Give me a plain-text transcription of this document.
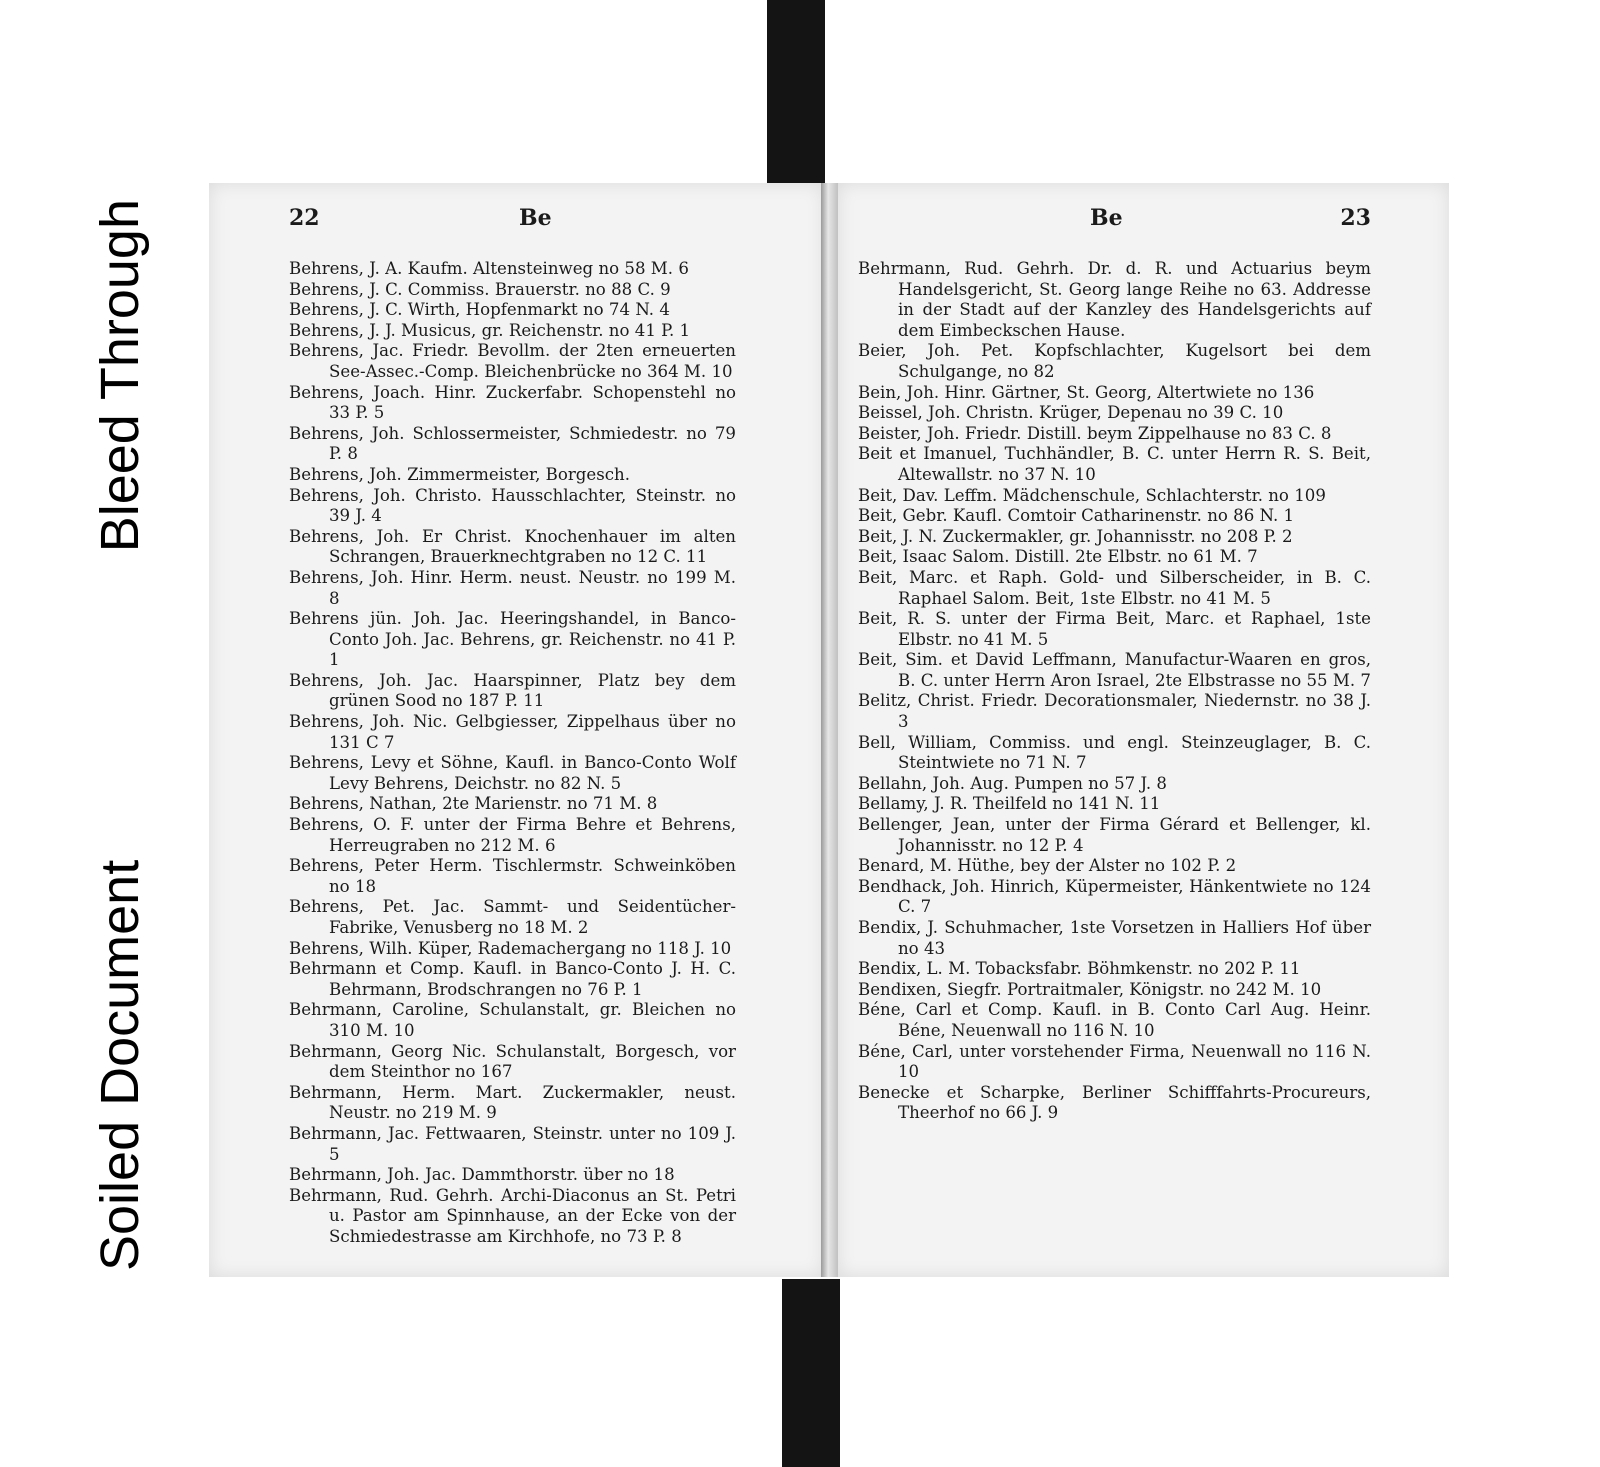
Soiled Document
Bleed Through	22	Be
Behrens, J. A. Kaufm. Altensteinweg no 58 M. 6
Behrens, J. C. Commiss. Brauerstr. no 88 C. 9
Behrens, J. C. Wirth, Hopfenmarkt no 74 N. 4
Behrens, J. J. Musicus, gr. Reichenstr. no 41 P. 1
Behrens, Jac. Friedr. Bevollm. der 2ten erneuerten See-Assec.-Comp. Bleichenbrücke no 364 M. 10
Behrens, Joach. Hinr. Zuckerfabr. Schopenstehl no 33 P. 5
Behrens, Joh. Schlossermeister, Schmiedestr. no 79 P. 8
Behrens, Joh. Zimmermeister, Borgesch.
Behrens, Joh. Christo. Hausschlachter, Steinstr. no 39 J. 4
Behrens, Joh. Er Christ. Knochenhauer im alten Schrangen, Brauerknechtgraben no 12 C. 11
Behrens, Joh. Hinr. Herm. neust. Neustr. no 199 M. 8
Behrens jün. Joh. Jac. Heeringshandel, in Banco-Conto Joh. Jac. Behrens, gr. Reichenstr. no 41 P. 1
Behrens, Joh. Jac. Haarspinner, Platz bey dem grünen Sood no 187 P. 11
Behrens, Joh. Nic. Gelbgiesser, Zippelhaus über no 131 C 7
Behrens, Levy et Söhne, Kaufl. in Banco-Conto Wolf Levy Behrens, Deichstr. no 82 N. 5
Behrens, Nathan, 2te Marienstr. no 71 M. 8
Behrens, O. F. unter der Firma Behre et Behrens, Herreugraben no 212 M. 6
Behrens, Peter Herm. Tischlermstr. Schweinköben no 18
Behrens, Pet. Jac. Sammt- und Seidentücher-Fabrike, Venusberg no 18 M. 2
Behrens, Wilh. Küper, Rademachergang no 118 J. 10
Behrmann et Comp. Kaufl. in Banco-Conto J. H. C. Behrmann, Brodschrangen no 76 P. 1
Behrmann, Caroline, Schulanstalt, gr. Bleichen no 310 M. 10
Behrmann, Georg Nic. Schulanstalt, Borgesch, vor dem Steinthor no 167
Behrmann, Herm. Mart. Zuckermakler, neust. Neustr. no 219 M. 9
Behrmann, Jac. Fettwaaren, Steinstr. unter no 109 J. 5
Behrmann, Joh. Jac. Dammthorstr. über no 18
Behrmann, Rud. Gehrh. Archi-Diaconus an St. Petri u. Pastor am Spinnhause, an der Ecke von der Schmiedestrasse am Kirchhofe, no 73 P. 8
Be	23
Behrmann, Rud. Gehrh. Dr. d. R. und Actuarius beym Handelsgericht, St. Georg lange Reihe no 63. Addresse in der Stadt auf der Kanzley des Handelsgerichts auf dem Eimbeckschen Hause.
Beier, Joh. Pet. Kopfschlachter, Kugelsort bei dem Schulgange, no 82
Bein, Joh. Hinr. Gärtner, St. Georg, Altertwiete no 136
Beissel, Joh. Christn. Krüger, Depenau no 39 C. 10
Beister, Joh. Friedr. Distill. beym Zippelhause no 83 C. 8
Beit et Imanuel, Tuchhändler, B. C. unter Herrn R. S. Beit, Altewallstr. no 37 N. 10
Beit, Dav. Leffm. Mädchenschule, Schlachterstr. no 109
Beit, Gebr. Kaufl. Comtoir Catharinenstr. no 86 N. 1
Beit, J. N. Zuckermakler, gr. Johannisstr. no 208 P. 2
Beit, Isaac Salom. Distill. 2te Elbstr. no 61 M. 7
Beit, Marc. et Raph. Gold- und Silberscheider, in B. C. Raphael Salom. Beit, 1ste Elbstr. no 41 M. 5
Beit, R. S. unter der Firma Beit, Marc. et Raphael, 1ste Elbstr. no 41 M. 5
Beit, Sim. et David Leffmann, Manufactur-Waaren en gros, B. C. unter Herrn Aron Israel, 2te Elbstrasse no 55 M. 7
Belitz, Christ. Friedr. Decorationsmaler, Niedernstr. no 38 J. 3
Bell, William, Commiss. und engl. Steinzeuglager, B. C. Steintwiete no 71 N. 7
Bellahn, Joh. Aug. Pumpen no 57 J. 8
Bellamy, J. R. Theilfeld no 141 N. 11
Bellenger, Jean, unter der Firma Gérard et Bellenger, kl. Johannisstr. no 12 P. 4
Benard, M. Hüthe, bey der Alster no 102 P. 2
Bendhack, Joh. Hinrich, Küpermeister, Hänkentwiete no 124 C. 7
Bendix, J. Schuhmacher, 1ste Vorsetzen in Halliers Hof über no 43
Bendix, L. M. Tobacksfabr. Böhmkenstr. no 202 P. 11
Bendixen, Siegfr. Portraitmaler, Königstr. no 242 M. 10
Béne, Carl et Comp. Kaufl. in B. Conto Carl Aug. Heinr. Béne, Neuenwall no 116 N. 10
Béne, Carl, unter vorstehender Firma, Neuenwall no 116 N. 10
Benecke et Scharpke, Berliner Schifffahrts-Procureurs, Theerhof no 66 J. 9
